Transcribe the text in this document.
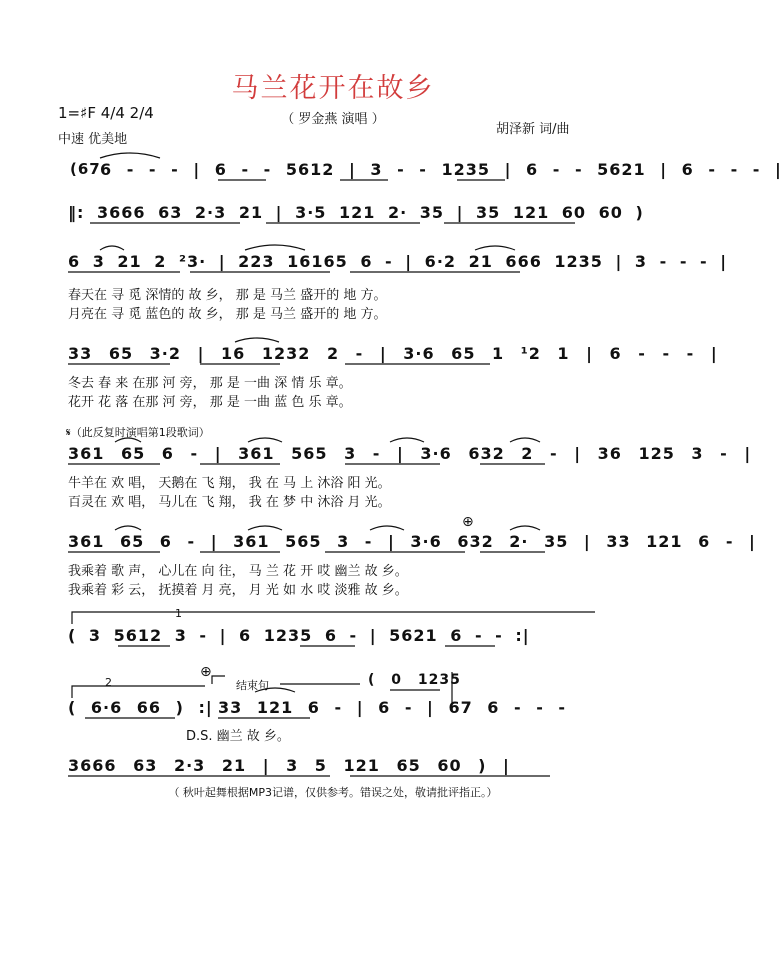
马兰花开在故乡
（ 罗金燕 演唱 ）
1=♯F 4/4 2/4
中速 优美地
胡泽新 词/曲
(67 6 - - - | 6 - - 5612 | 3 - - 1235 | 6 - - 5621 | 6 - - - |
‖: 3666 63 2·3 21 | 3·5 121 2· 35 | 35 121 60 60 )
6 3 21 2 ²3· | 223 16165 6 - | 6·2 21 666 1235 | 3 - - - |
春天在 寻 觅 深情的 故 乡， 那 是 马兰 盛开的 地 方。
月亮在 寻 觅 蓝色的 故 乡， 那 是 马兰 盛开的 地 方。
33 65 3·2 | 16 1232 2 - | 3·6 65 1 ¹2 1 | 6 - - - |
冬去 春 来 在那 河 旁， 那 是 一曲 深 情 乐 章。
花开 花 落 在那 河 旁， 那 是 一曲 蓝 色 乐 章。
𝄋（此反复时演唱第1段歌词）
361 65 6 - | 361 565 3 - | 3·6 632 2 - | 36 125 3 - |
牛羊在 欢 唱， 天鹅在 飞 翔， 我 在 马 上 沐浴 阳 光。
百灵在 欢 唱， 马儿在 飞 翔， 我 在 梦 中 沐浴 月 光。
⊕
361 65 6 - | 361 565 3 - | 3·6 632 2· 35 | 33 121 6 - |
我乘着 歌 声， 心儿在 向 往， 马 兰 花 开 哎 幽兰 故 乡。
我乘着 彩 云， 抚摸着 月 亮， 月 光 如 水 哎 淡雅 故 乡。
1
( 3 5612 3 - | 6 1235 6 - | 5621 6 - - :|
2
⊕
结束句	( 0 1235
( 6·6 66 ) :| 33 121 6 - | 6 - | 67 6 - - -
D.S. 幽兰 故 乡。
3666 63 2·3 21 | 3 5 121 65 60 ) |
（ 秋叶起舞根据MP3记谱，仅供参考。错误之处，敬请批评指正。）
